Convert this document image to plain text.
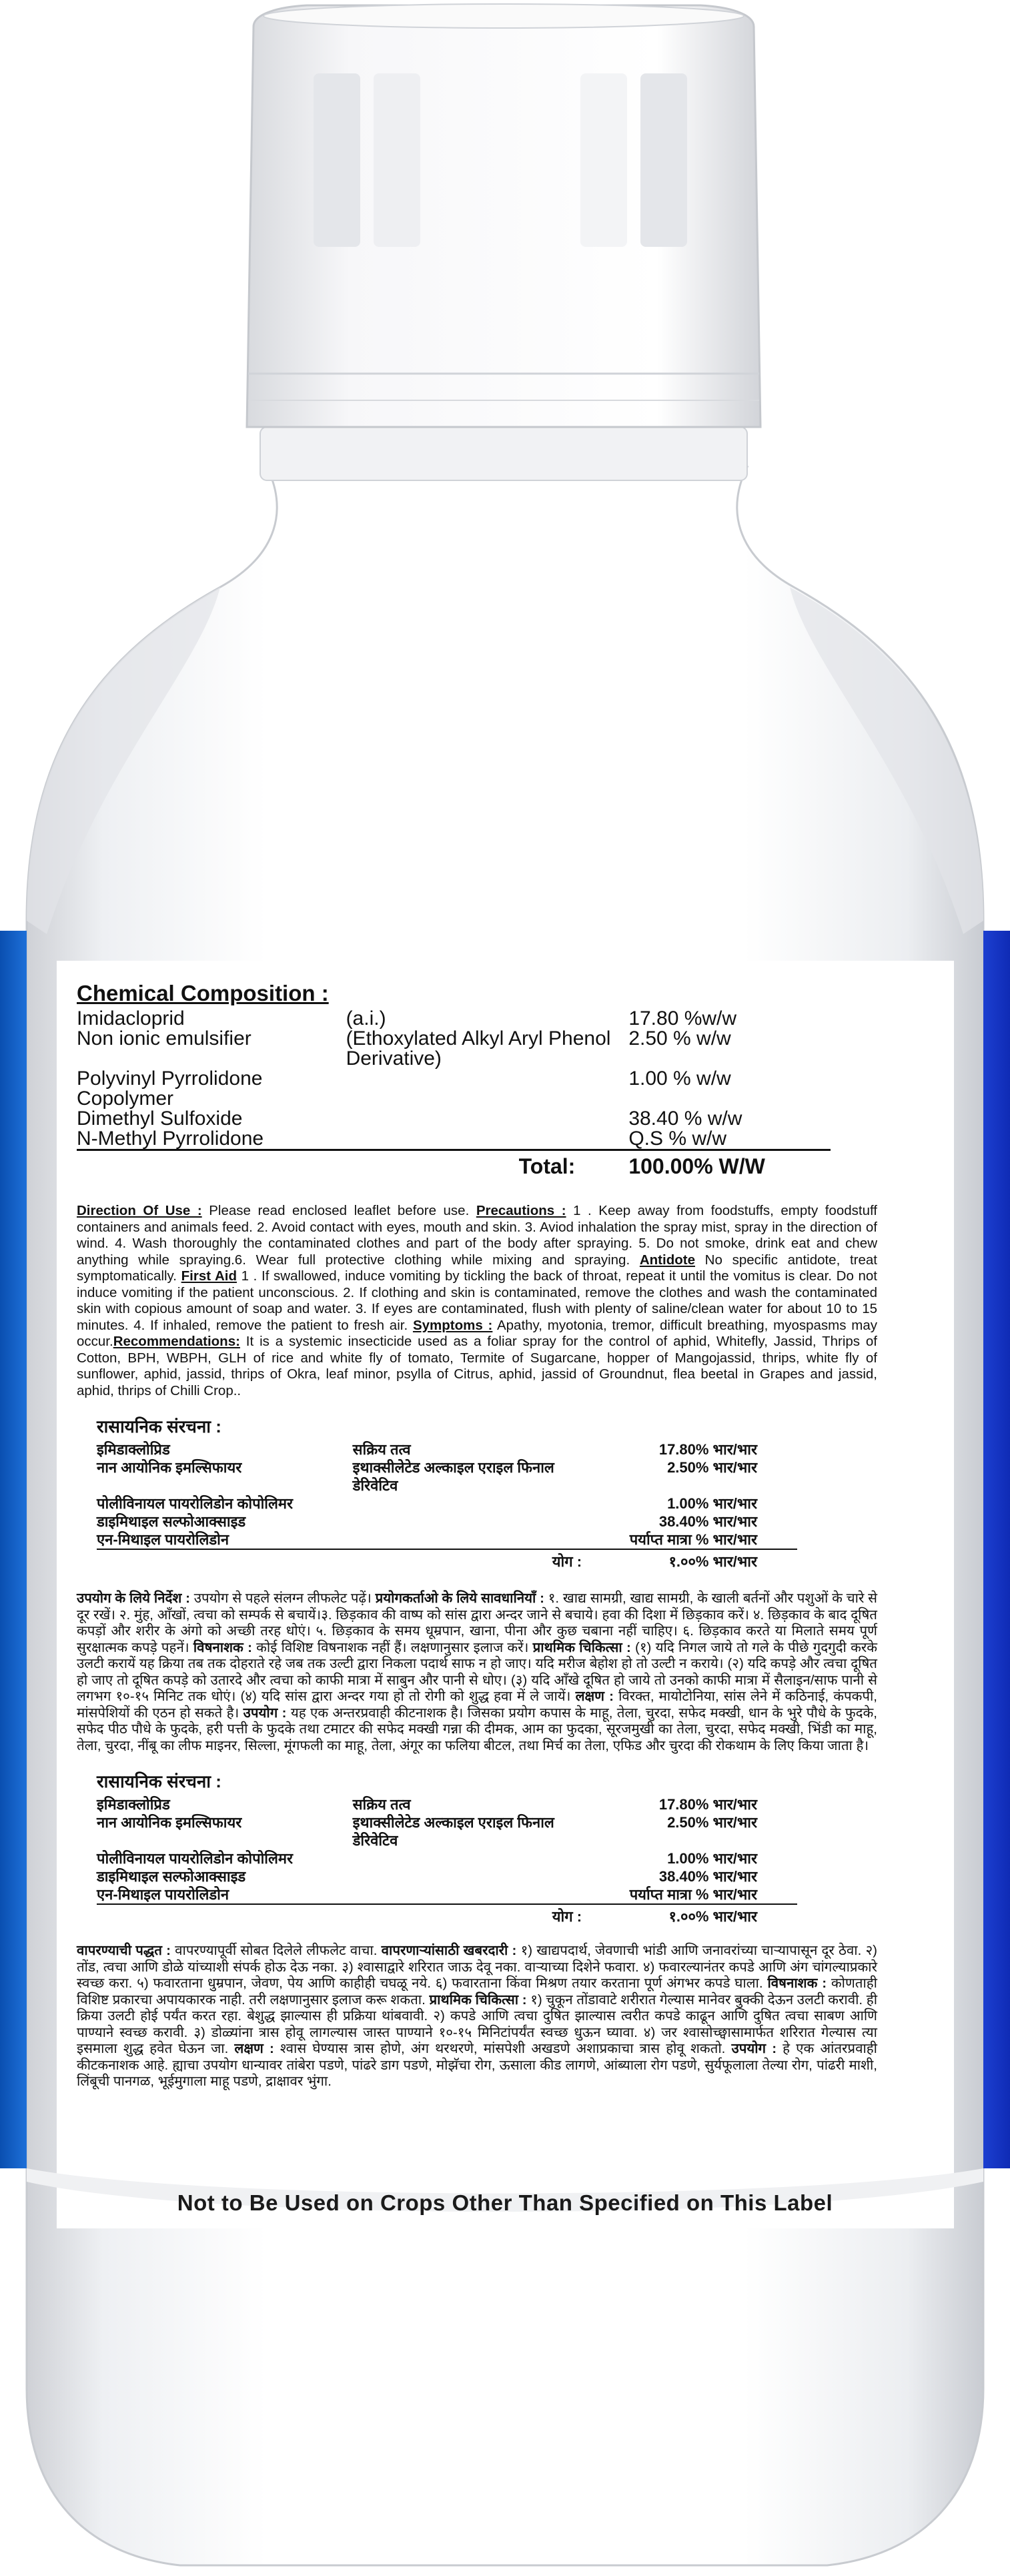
Chemical Composition :
Imidacloprid	(a.i.)	17.80 %w/w
Non ionic emulsifier	(Ethoxylated Alkyl Aryl Phenol Derivative)	2.50 % w/w
Polyvinyl Pyrrolidone Copolymer		1.00 % w/w
Dimethyl Sulfoxide		38.40 % w/w
N-Methyl Pyrrolidone		Q.S % w/w
Total:		100.00% W/W

Direction Of Use : Please read enclosed leaflet before use. Precautions : 1 . Keep away from foodstuffs, empty foodstuff containers and animals feed. 2. Avoid contact with eyes, mouth and skin. 3. Aviod inhalation the spray mist, spray in the direction of wind. 4. Wash thoroughly the contaminated clothes and part of the body after spraying. 5. Do not smoke, drink eat and chew anything while spraying.6. Wear full protective clothing while mixing and spraying. Antidote No specific antidote, treat symptomatically. First Aid 1 . If swallowed, induce vomiting by tickling the back of throat, repeat it until the vomitus is clear. Do not induce vomiting if the patient unconscious. 2. If clothing and skin is contaminated, remove the clothes and wash the contaminated skin with copious amount of soap and water. 3. If eyes are contaminated, flush with plenty of saline/clean water for about 10 to 15 minutes. 4. If inhaled, remove the patient to fresh air. Symptoms : Apathy, myotonia, tremor, difficult breathing, myospasms may occur.Recommendations: It is a systemic insecticide used as a foliar spray for the control of aphid, Whitefly, Jassid, Thrips of Cotton, BPH, WBPH, GLH of rice and white fly of tomato, Termite of Sugarcane, hopper of Mangojassid, thrips, white fly of sunflower, aphid, jassid, thrips of Okra, leaf minor, psylla of Citrus, aphid, jassid of Groundnut, flea beetal in Grapes and jassid, aphid, thrips of Chilli Crop..

रासायनिक संरचना :
इमिडाक्लोप्रिड	सक्रिय तत्व	17.80% भार/भार
नान आयोनिक इमल्सिफायर	इथाक्सीलेटेड अल्काइल एराइल फिनाल डेरिवेटिव	2.50% भार/भार
पोलीविनायल पायरोलिडोन कोपोलिमर		1.00% भार/भार
डाइमिथाइल सल्फोआक्साइड		38.40% भार/भार
एन-मिथाइल पायरोलिडोन		पर्याप्त मात्रा % भार/भार
	योग :	१.००% भार/भार

उपयोग के लिये निर्देश : उपयोग से पहले संलग्न लीफलेट पढ़ें। प्रयोगकर्ताओ के लिये सावधानियाँ : १. खाद्य सामग्री, खाद्य सामग्री, के खाली बर्तनों और पशुओं के चारे से दूर रखें। २. मुंह, आँखों, त्वचा को सम्पर्क से बचायें।३. छिड़काव की वाष्प को सांस द्वारा अन्दर जाने से बचाये। हवा की दिशा में छिड़काव करें। ४. छिड़काव के बाद दूषित कपड़ों और शरीर के अंगो को अच्छी तरह धोएं। ५. छिड़काव के समय धूम्रपान, खाना, पीना और कुछ चबाना नहीं चाहिए। ६. छिड़काव करते या मिलाते समय पूर्ण सुरक्षात्मक कपड़े पहनें। विषनाशक : कोई विशिष्ट विषनाशक नहीं हैं। लक्षणानुसार इलाज करें। प्राथमिक चिकित्सा : (१) यदि निगल जाये तो गले के पीछे गुदगुदी करके उलटी करायें यह क्रिया तब तक दोहराते रहे जब तक उल्टी द्वारा निकला पदार्थ साफ न हो जाए। यदि मरीज बेहोश हो तो उल्टी न कराये। (२) यदि कपड़े और त्वचा दूषित हो जाए तो दूषित कपड़े को उतारदे और त्वचा को काफी मात्रा में साबुन और पानी से धोए। (३) यदि आँखे दूषित हो जाये तो उनको काफी मात्रा में सैलाइन/साफ पानी से लगभग १०-१५ मिनिट तक धोएं। (४) यदि सांस द्वारा अन्दर गया हो तो रोगी को शुद्ध हवा में ले जायें। लक्षण : विरक्त, मायोटोनिया, सांस लेने में कठिनाई, कंपकपी, मांसपेशियों की एठन हो सकते है। उपयोग : यह एक अन्तरप्रवाही कीटनाशक है। जिसका प्रयोग कपास के माहू, तेला, चुरदा, सफेद मक्खी, धान के भुरे पौधे के फुदके, सफेद पीठ पौधे के फुदके, हरी पत्ती के फुदके तथा टमाटर की सफेद मक्खी गन्ना की दीमक, आम का फुदका, सूरजमुखी का तेला, चुरदा, सफेद मक्खी, भिंडी का माहू, तेला, चुरदा, नींबू का लीफ माइनर, सिल्ला, मूंगफली का माहू, तेला, अंगूर का फलिया बीटल, तथा मिर्च का तेला, एफिड और चुरदा की रोकथाम के लिए किया जाता है।

रासायनिक संरचना :
इमिडाक्लोप्रिड	सक्रिय तत्व	17.80% भार/भार
नान आयोनिक इमल्सिफायर	इथाक्सीलेटेड अल्काइल एराइल फिनाल डेरिवेटिव	2.50% भार/भार
पोलीविनायल पायरोलिडोन कोपोलिमर		1.00% भार/भार
डाइमिथाइल सल्फोआक्साइड		38.40% भार/भार
एन-मिथाइल पायरोलिडोन		पर्याप्त मात्रा % भार/भार
	योग :	१.००% भार/भार

वापरण्याची पद्धत : वापरण्यापूर्वी सोबत दिलेले लीफलेट वाचा. वापरणाऱ्यांसाठी खबरदारी : १) खाद्यपदार्थ, जेवणाची भांडी आणि जनावरांच्या चाऱ्यापासून दूर ठेवा. २) तोंड, त्वचा आणि डोळे यांच्याशी संपर्क होऊ देऊ नका. ३) श्वासाद्वारे शरिरात जाऊ देवू नका. वाऱ्याच्या दिशेने फवारा. ४) फवारल्यानंतर कपडे आणि अंग चांगल्याप्रकारे स्वच्छ करा. ५) फवारताना धुम्रपान, जेवण, पेय आणि काहीही चघळू नये. ६) फवारताना किंवा मिश्रण तयार करताना पूर्ण अंगभर कपडे घाला. विषनाशक : कोणताही विशिष्ट प्रकारचा अपायकारक नाही. तरी लक्षणानुसार इलाज करू शकता. प्राथमिक चिकित्सा : १) चुकून तोंडावाटे शरीरात गेल्यास मानेवर बुक्की देऊन उलटी करावी. ही क्रिया उलटी होई पर्यंत करत रहा. बेशुद्ध झाल्यास ही प्रक्रिया थांबवावी. २) कपडे आणि त्वचा दुषित झाल्यास त्वरीत कपडे काढून आणि दुषित त्वचा साबण आणि पाण्याने स्वच्छ करावी. ३) डोळ्यांना त्रास होवू लागल्यास जास्त पाण्याने १०-१५ मिनिटांपर्यंत स्वच्छ धुऊन घ्यावा. ४) जर श्वासोच्छ्वासामार्फत शरिरात गेल्यास त्या इसमाला शुद्ध हवेत घेऊन जा. लक्षण : श्वास घेण्यास त्रास होणे, अंग थरथरणे, मांसपेशी अखडणे अशाप्रकाचा त्रास होवू शकतो. उपयोग : हे एक आंतरप्रवाही कीटकनाशक आहे. ह्याचा उपयोग धान्यावर तांबेरा पडणे, पांढरे डाग पडणे, मोझॅचा रोग, ऊसाला कीड लागणे, आंब्याला रोग पडणे, सुर्यफूलाला तेल्या रोग, पांढरी माशी, लिंबूची पानगळ, भूईमुगाला माहू पडणे, द्राक्षावर भुंगा.

Not to Be Used on Crops Other Than Specified on This Label
